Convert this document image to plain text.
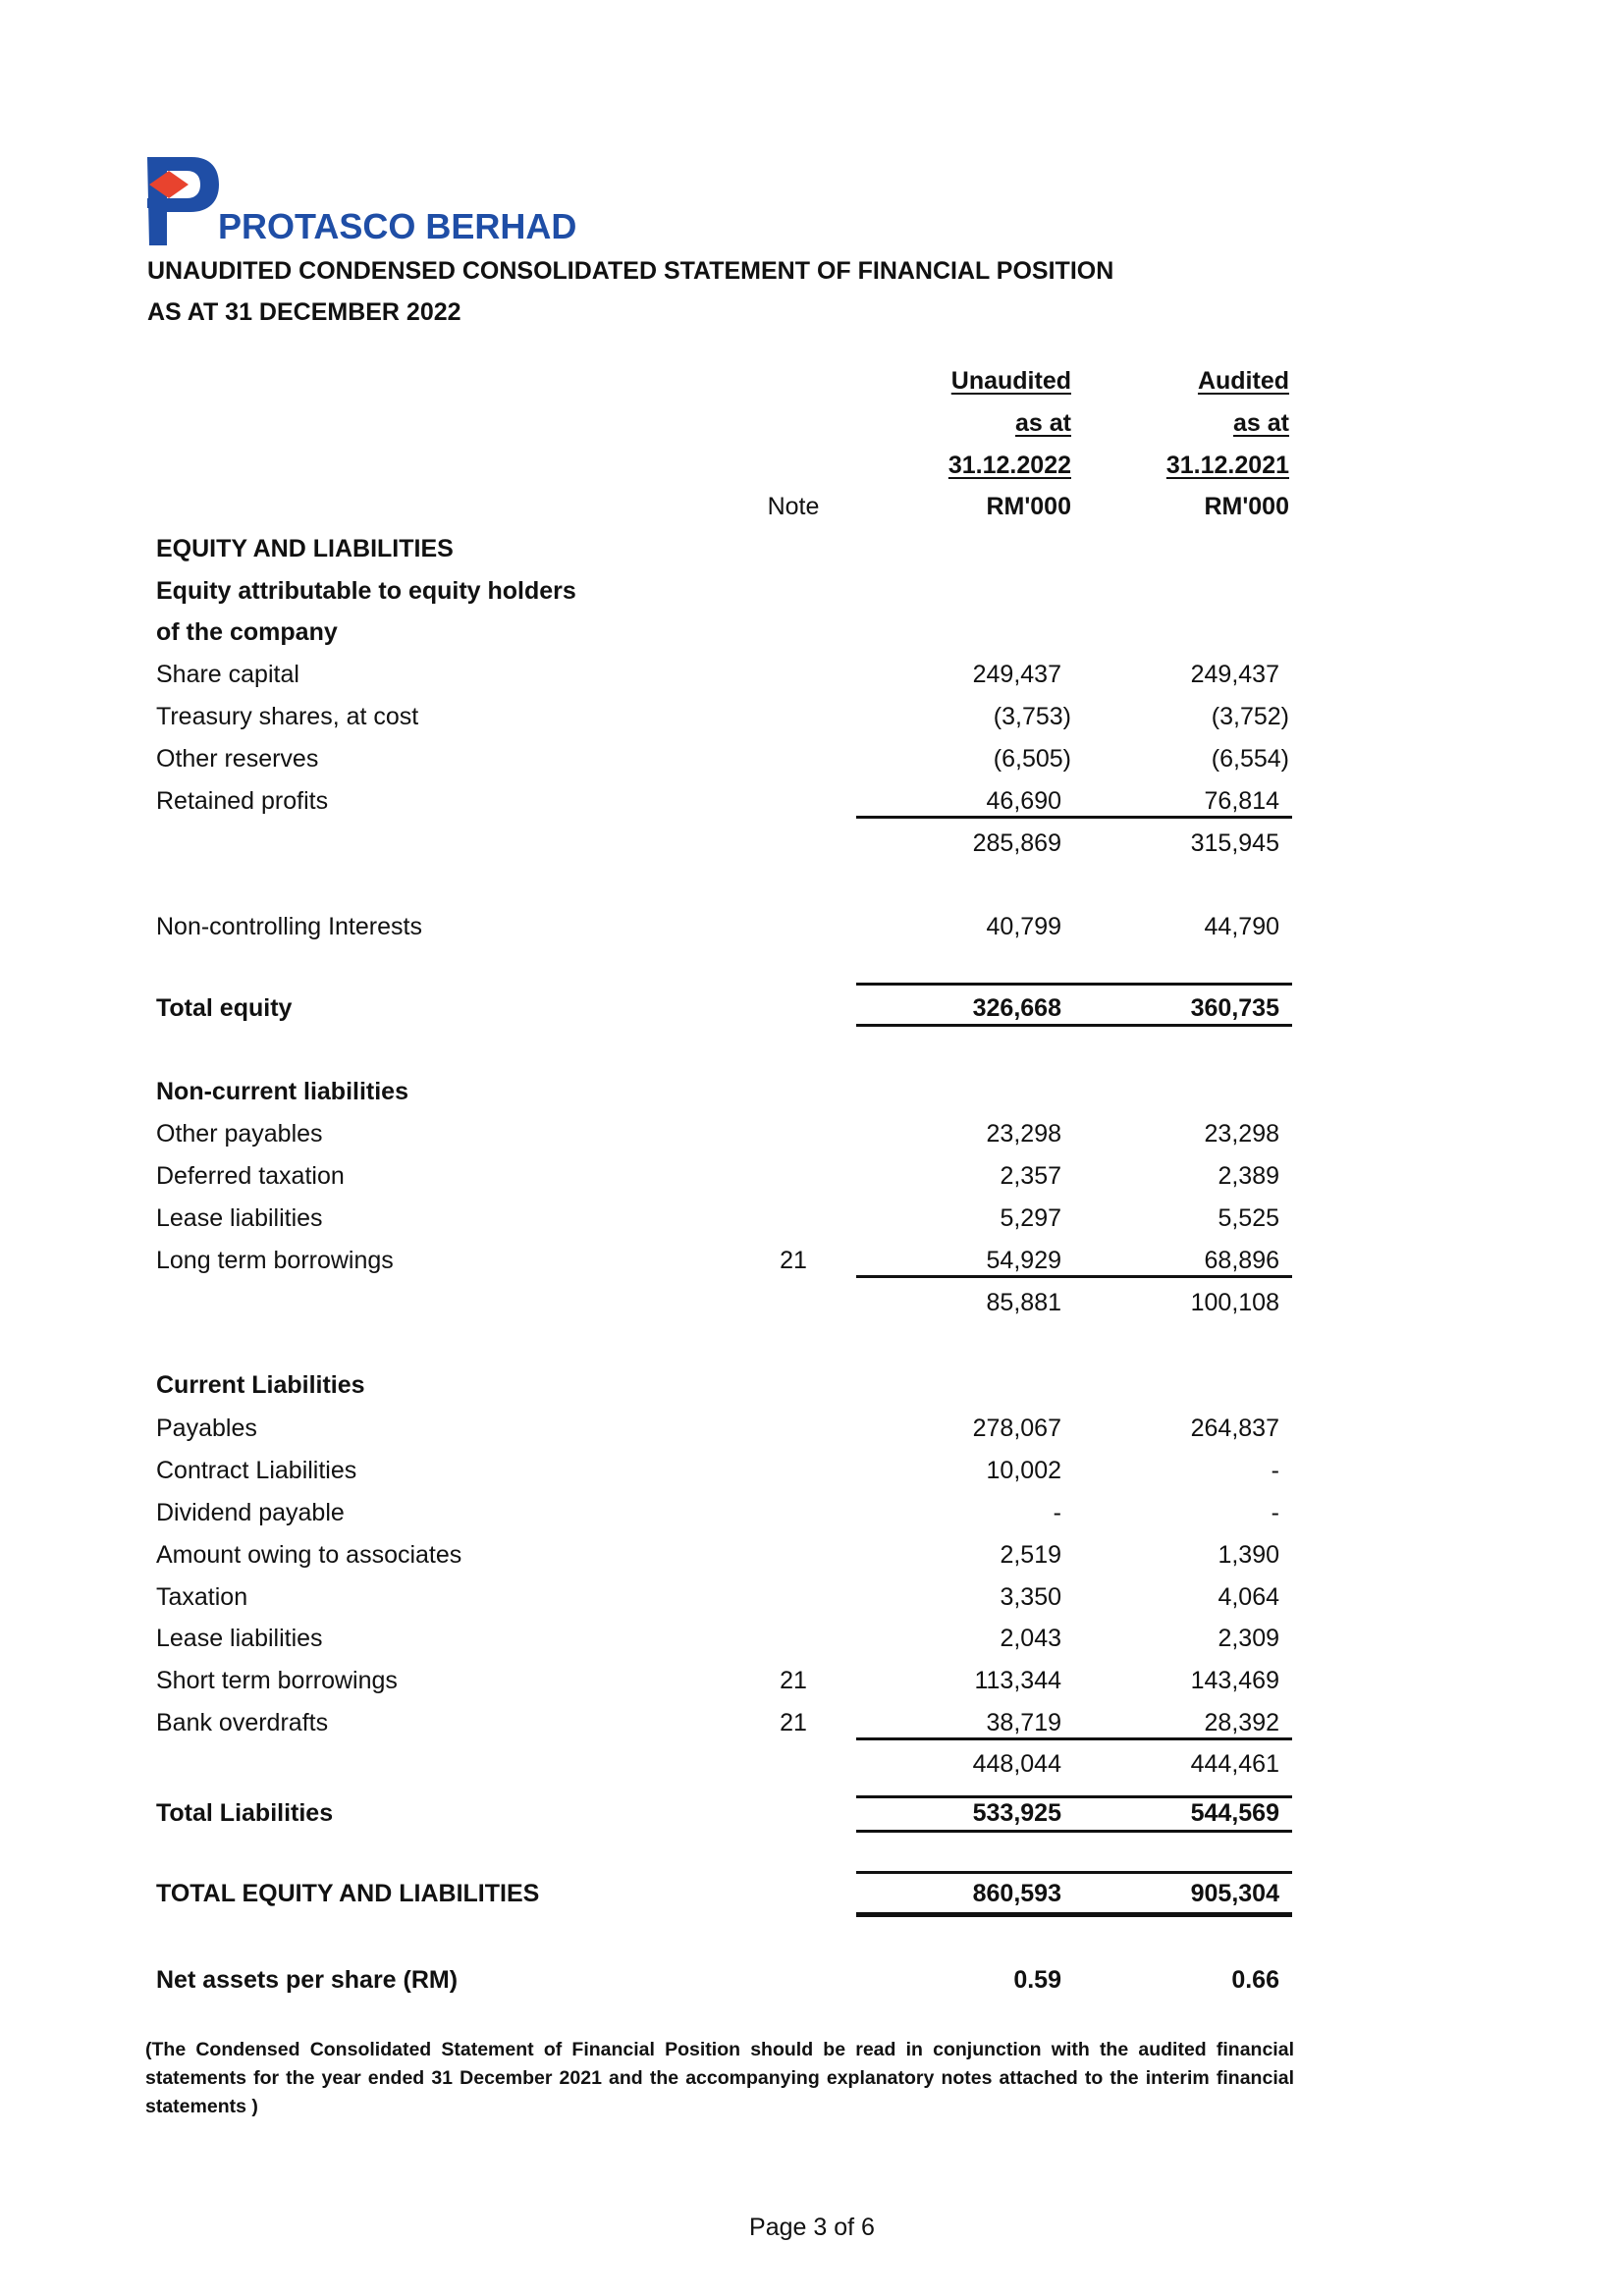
PROTASCO BERHAD
UNAUDITED CONDENSED CONSOLIDATED STATEMENT OF FINANCIAL POSITION
AS AT 31 DECEMBER 2022
Unaudited	Audited
as at	as at
31.12.2022	31.12.2021
Note	RM'000	RM'000
EQUITY AND LIABILITIES
Equity attributable to equity holders
of the company
Share capital	249,437	249,437
Treasury shares, at cost	(3,753)	(3,752)
Other reserves	(6,505)	(6,554)
Retained profits	46,690	76,814
285,869	315,945
Non-controlling Interests	40,799	44,790
Total equity	326,668	360,735
Non-current liabilities
Other payables	23,298	23,298
Deferred taxation	2,357	2,389
Lease liabilities	5,297	5,525
Long term borrowings	21	54,929	68,896
85,881	100,108
Current Liabilities
Payables	278,067	264,837
Contract Liabilities	10,002	-
Dividend payable	-	-
Amount owing to associates	2,519	1,390
Taxation	3,350	4,064
Lease liabilities	2,043	2,309
Short term borrowings	21	113,344	143,469
Bank overdrafts	21	38,719	28,392
448,044	444,461
Total Liabilities	533,925	544,569
TOTAL EQUITY AND LIABILITIES	860,593	905,304
Net assets per share (RM)	0.59	0.66
(The Condensed Consolidated Statement of Financial Position should be read in conjunction with the audited financial statements for the year ended 31 December 2021 and the accompanying explanatory notes attached to the interim financial statements )
Page 3 of 6
